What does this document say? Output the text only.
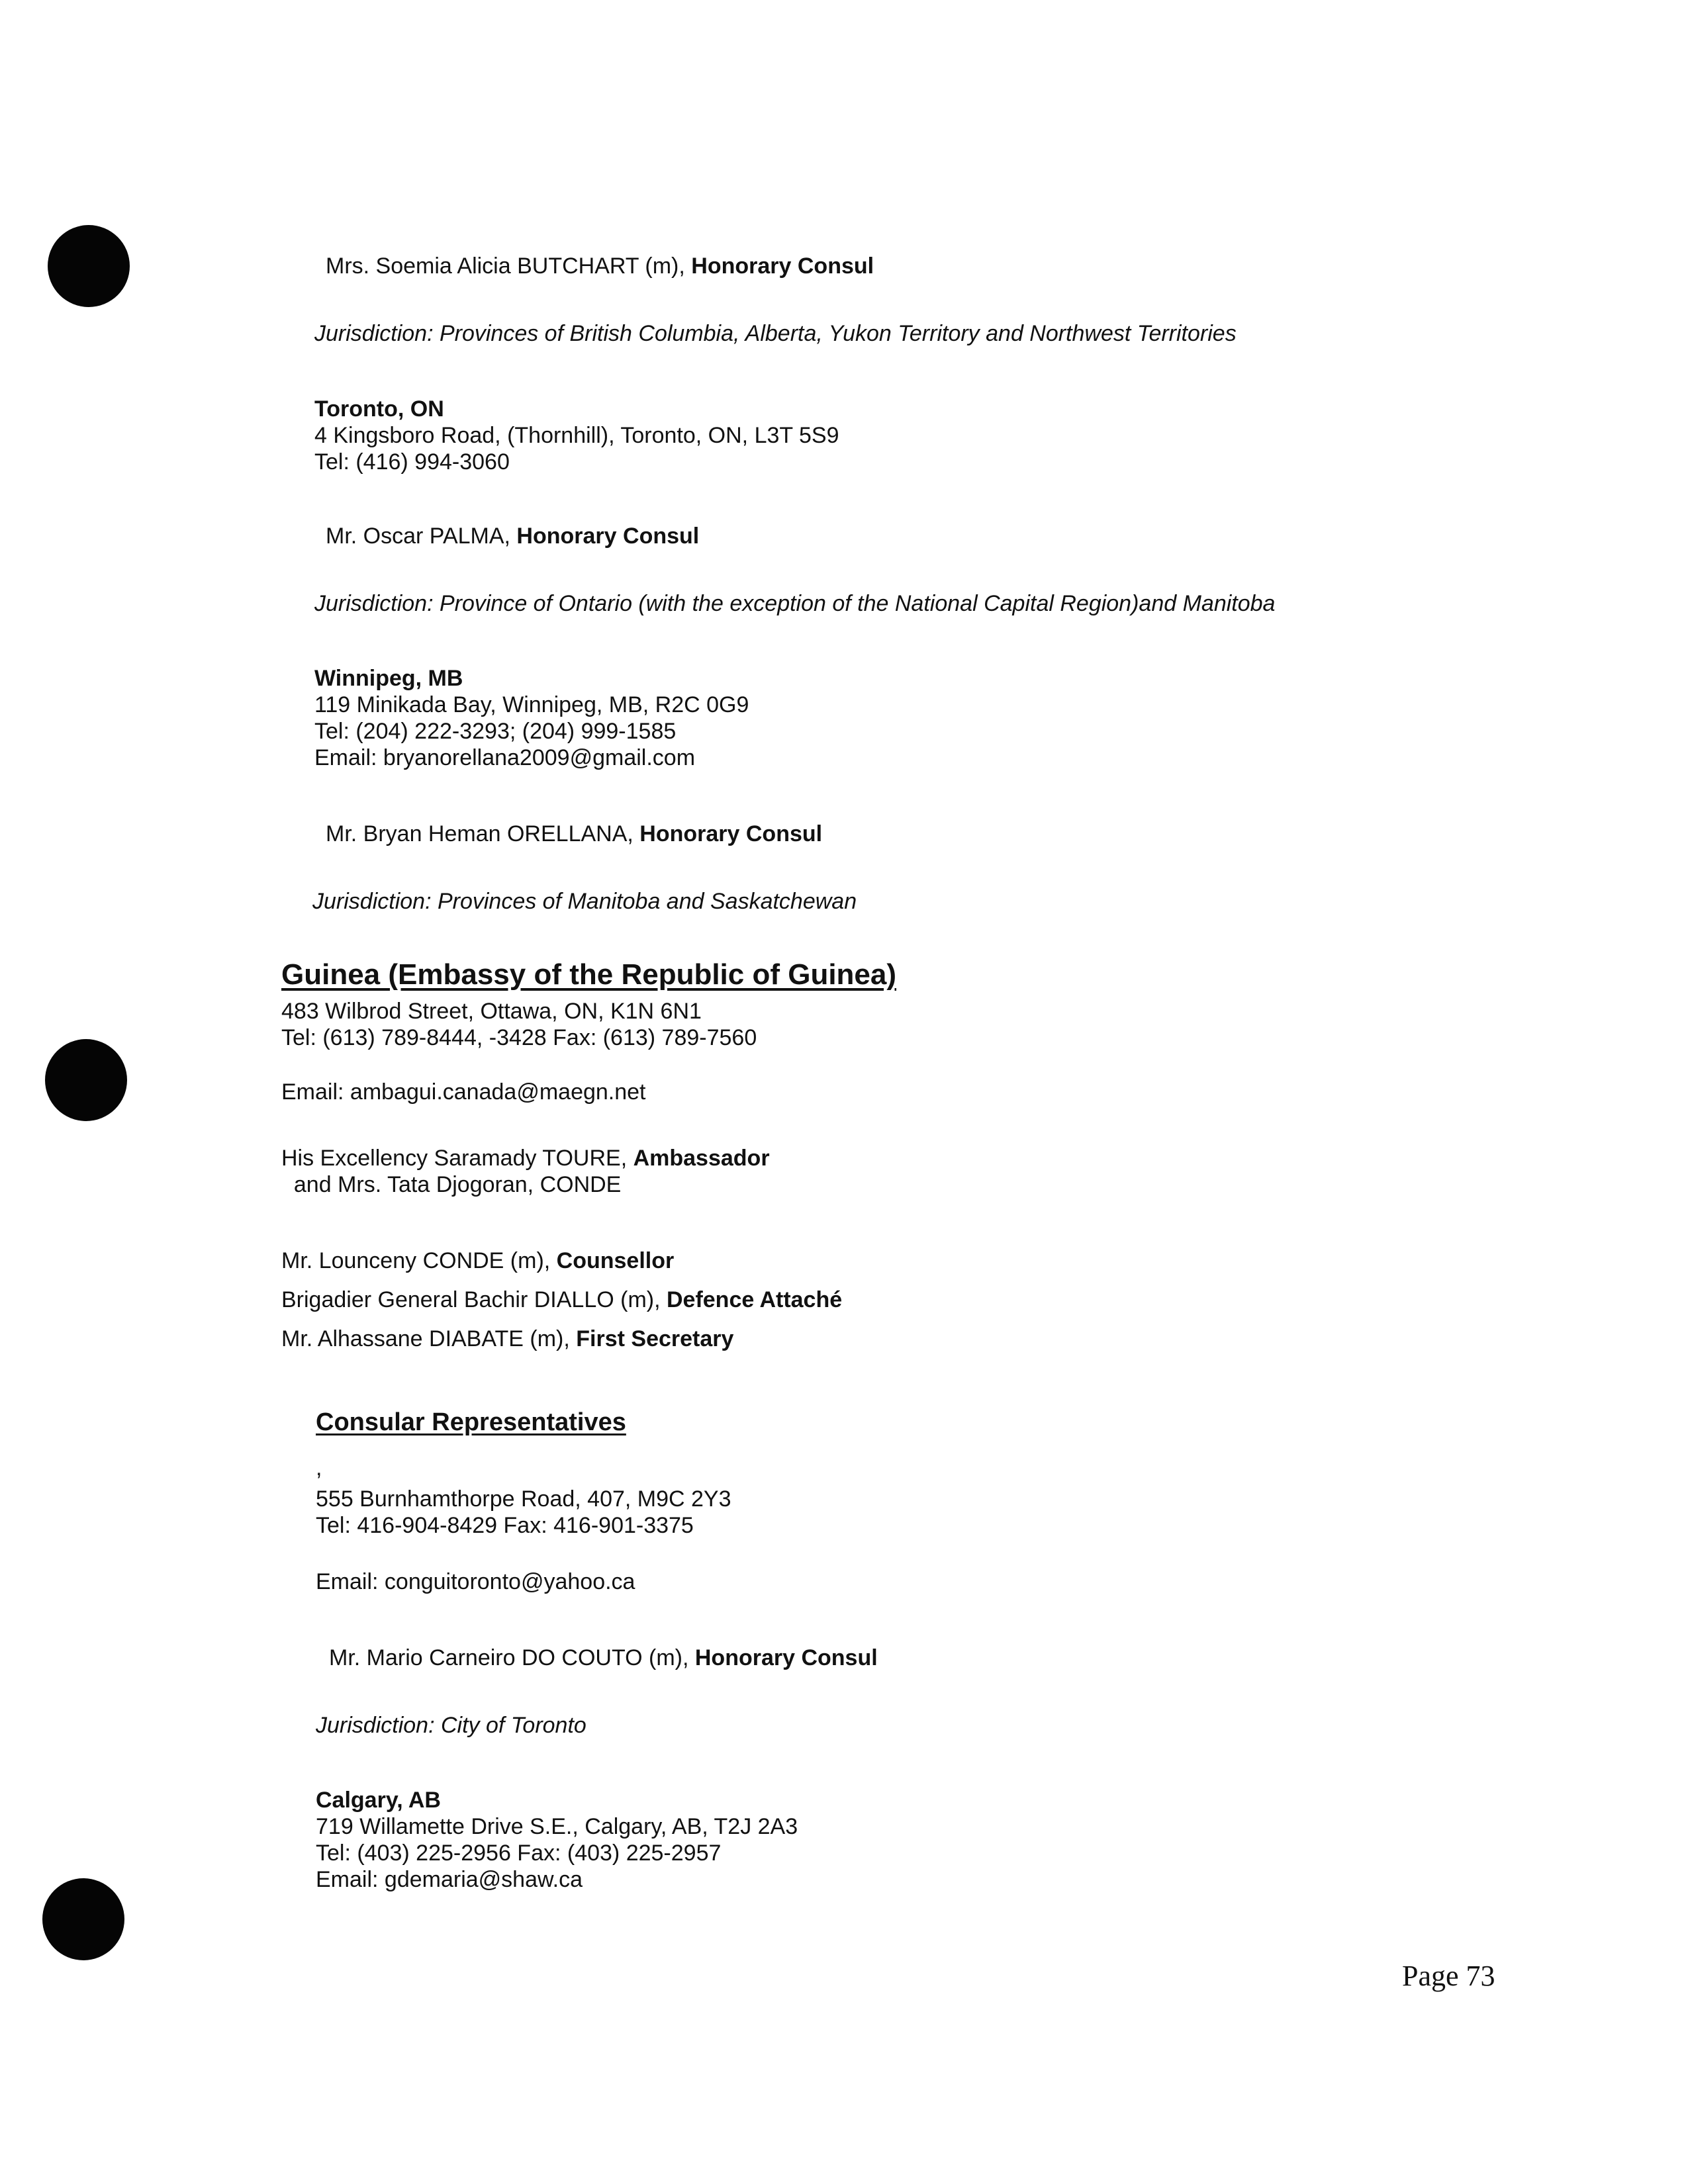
Mrs. Soemia Alicia BUTCHART (m), Honorary Consul
Jurisdiction: Provinces of British Columbia, Alberta, Yukon Territory and Northwest Territories
Toronto, ON
4 Kingsboro Road, (Thornhill), Toronto, ON, L3T 5S9
Tel: (416) 994-3060
Mr. Oscar PALMA, Honorary Consul
Jurisdiction: Province of Ontario (with the exception of the National Capital Region)and Manitoba
Winnipeg, MB
119 Minikada Bay, Winnipeg, MB, R2C 0G9
Tel: (204) 222-3293; (204) 999-1585
Email: bryanorellana2009@gmail.com
Mr. Bryan Heman ORELLANA, Honorary Consul
Jurisdiction: Provinces of Manitoba and Saskatchewan
Guinea (Embassy of the Republic of Guinea)
483 Wilbrod Street, Ottawa, ON, K1N 6N1
Tel: (613) 789-8444, -3428 Fax: (613) 789-7560
Email: ambagui.canada@maegn.net
His Excellency Saramady TOURE, Ambassador
and Mrs. Tata Djogoran, CONDE
Mr. Lounceny CONDE (m), Counsellor
Brigadier General Bachir DIALLO (m), Defence Attaché
Mr. Alhassane DIABATE (m), First Secretary
Consular Representatives
,
555 Burnhamthorpe Road, 407, M9C 2Y3
Tel: 416-904-8429 Fax: 416-901-3375
Email: conguitoronto@yahoo.ca
Mr. Mario Carneiro DO COUTO (m), Honorary Consul
Jurisdiction: City of Toronto
Calgary, AB
719 Willamette Drive S.E., Calgary, AB, T2J 2A3
Tel: (403) 225-2956 Fax: (403) 225-2957
Email: gdemaria@shaw.ca
Page 73
